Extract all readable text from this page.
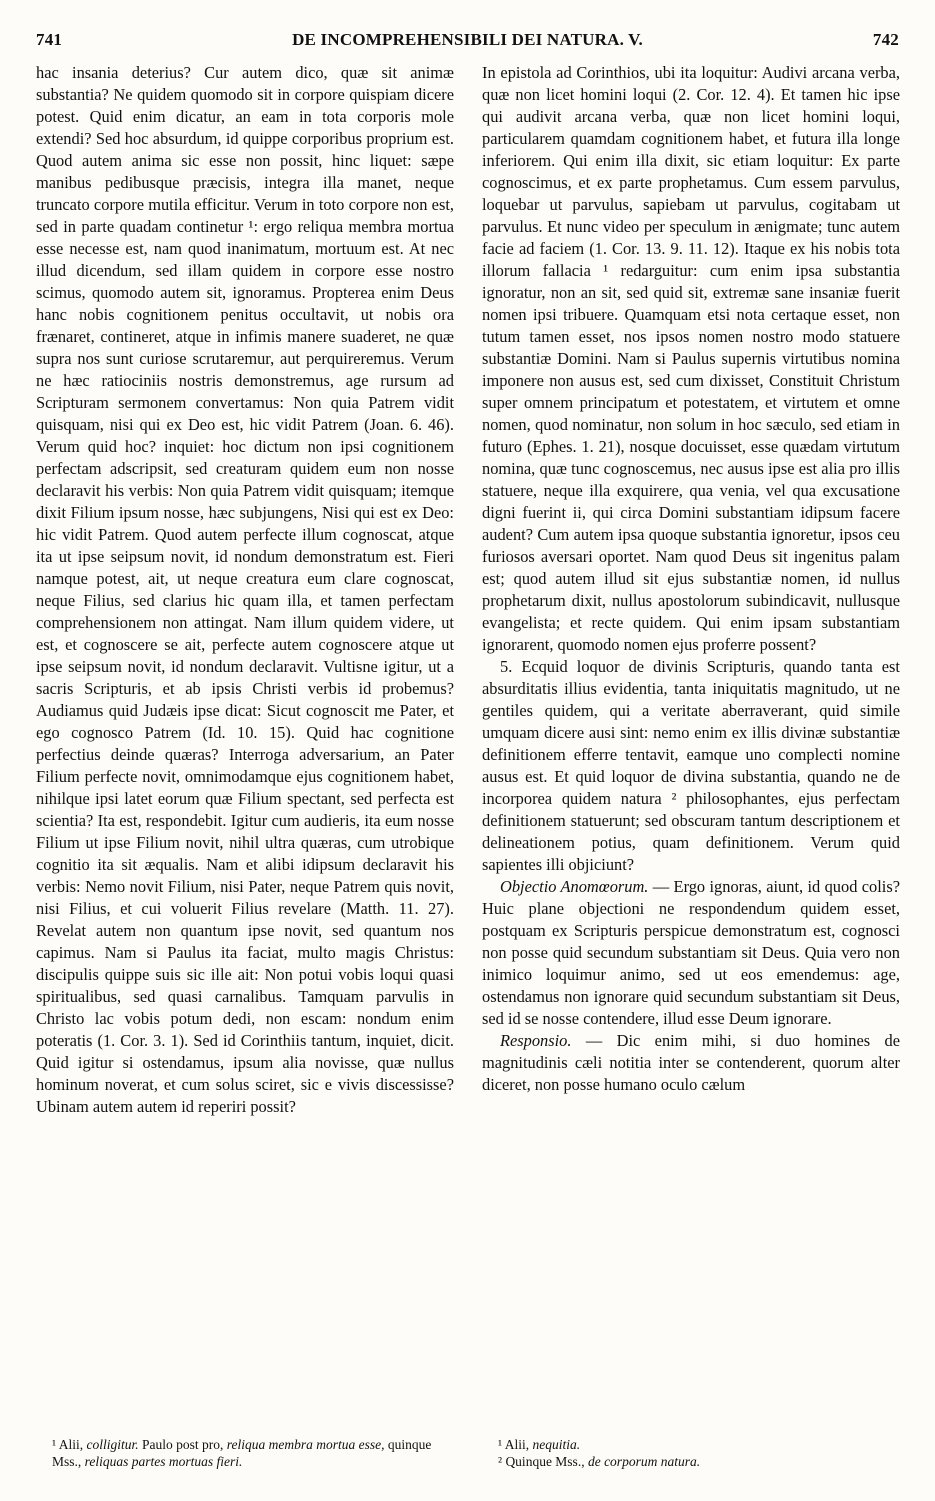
741	DE INCOMPREHENSIBILI DEI NATURA. V.	742

hac insania deterius? Cur autem dico, quæ sit animæ substantia? Ne quidem quomodo sit in corpore quispiam dicere potest. Quid enim dicatur, an eam in tota corporis mole extendi? Sed hoc absurdum, id quippe corporibus proprium est. Quod autem anima sic esse non possit, hinc liquet: sæpe manibus pedibusque præcisis, integra illa manet, neque truncato corpore mutila efficitur. Verum in toto corpore non est, sed in parte quadam continetur ¹: ergo reliqua membra mortua esse necesse est, nam quod inanimatum, mortuum est. At nec illud dicendum, sed illam quidem in corpore esse nostro scimus, quomodo autem sit, ignoramus. Propterea enim Deus hanc nobis cognitionem penitus occultavit, ut nobis ora frænaret, contineret, atque in infimis manere suaderet, ne quæ supra nos sunt curiose scrutaremur, aut perquireremus. Verum ne hæc ratiociniis nostris demonstremus, age rursum ad Scripturam sermonem convertamus: Non quia Patrem vidit quisquam, nisi qui ex Deo est, hic vidit Patrem (Joan. 6. 46). Verum quid hoc? inquiet: hoc dictum non ipsi cognitionem perfectam adscripsit, sed creaturam quidem eum non nosse declaravit his verbis: Non quia Patrem vidit quisquam; itemque dixit Filium ipsum nosse, hæc subjungens, Nisi qui est ex Deo: hic vidit Patrem. Quod autem perfecte illum cognoscat, atque ita ut ipse seipsum novit, id nondum demonstratum est. Fieri namque potest, ait, ut neque creatura eum clare cognoscat, neque Filius, sed clarius hic quam illa, et tamen perfectam comprehensionem non attingat. Nam illum quidem videre, ut est, et cognoscere se ait, perfecte autem cognoscere atque ut ipse seipsum novit, id nondum declaravit. Vultisne igitur, ut a sacris Scripturis, et ab ipsis Christi verbis id probemus? Audiamus quid Judæis ipse dicat: Sicut cognoscit me Pater, et ego cognosco Patrem (Id. 10. 15). Quid hac cognitione perfectius deinde quæras? Interroga adversarium, an Pater Filium perfecte novit, omnimodamque ejus cognitionem habet, nihilque ipsi latet eorum quæ Filium spectant, sed perfecta est scientia? Ita est, respondebit. Igitur cum audieris, ita eum nosse Filium ut ipse Filium novit, nihil ultra quæras, cum utrobique cognitio ita sit æqualis. Nam et alibi idipsum declaravit his verbis: Nemo novit Filium, nisi Pater, neque Patrem quis novit, nisi Filius, et cui voluerit Filius revelare (Matth. 11. 27). Revelat autem non quantum ipse novit, sed quantum nos capimus. Nam si Paulus ita faciat, multo magis Christus: discipulis quippe suis sic ille ait: Non potui vobis loqui quasi spiritualibus, sed quasi carnalibus. Tamquam parvulis in Christo lac vobis potum dedi, non escam: nondum enim poteratis (1. Cor. 3. 1). Sed id Corinthiis tantum, inquiet, dicit. Quid igitur si ostendamus, ipsum alia novisse, quæ nullus hominum noverat, et cum solus sciret, sic e vivis discessisse? Ubinam autem autem id reperiri possit?

In epistola ad Corinthios, ubi ita loquitur: Audivi arcana verba, quæ non licet homini loqui (2. Cor. 12. 4). Et tamen hic ipse qui audivit arcana verba, quæ non licet homini loqui, particularem quamdam cognitionem habet, et futura illa longe inferiorem. Qui enim illa dixit, sic etiam loquitur: Ex parte cognoscimus, et ex parte prophetamus. Cum essem parvulus, loquebar ut parvulus, sapiebam ut parvulus, cogitabam ut parvulus. Et nunc video per speculum in ænigmate; tunc autem facie ad faciem (1. Cor. 13. 9. 11. 12). Itaque ex his nobis tota illorum fallacia ¹ redarguitur: cum enim ipsa substantia ignoratur, non an sit, sed quid sit, extremæ sane insaniæ fuerit nomen ipsi tribuere. Quamquam etsi nota certaque esset, non tutum tamen esset, nos ipsos nomen nostro modo statuere substantiæ Domini. Nam si Paulus supernis virtutibus nomina imponere non ausus est, sed cum dixisset, Constituit Christum super omnem principatum et potestatem, et virtutem et omne nomen, quod nominatur, non solum in hoc sæculo, sed etiam in futuro (Ephes. 1. 21), nosque docuisset, esse quædam virtutum nomina, quæ tunc cognoscemus, nec ausus ipse est alia pro illis statuere, neque illa exquirere, qua venia, vel qua excusatione digni fuerint ii, qui circa Domini substantiam idipsum facere audent? Cum autem ipsa quoque substantia ignoretur, ipsos ceu furiosos aversari oportet. Nam quod Deus sit ingenitus palam est; quod autem illud sit ejus substantiæ nomen, id nullus prophetarum dixit, nullus apostolorum subindicavit, nullusque evangelista; et recte quidem. Qui enim ipsam substantiam ignorarent, quomodo nomen ejus proferre possent?

5. Ecquid loquor de divinis Scripturis, quando tanta est absurditatis illius evidentia, tanta iniquitatis magnitudo, ut ne gentiles quidem, qui a veritate aberraverant, quid simile umquam dicere ausi sint: nemo enim ex illis divinæ substantiæ definitionem efferre tentavit, eamque uno complecti nomine ausus est. Et quid loquor de divina substantia, quando ne de incorporea quidem natura ² philosophantes, ejus perfectam definitionem statuerunt; sed obscuram tantum descriptionem et delineationem potius, quam definitionem. Verum quid sapientes illi objiciunt?

Objectio Anomœorum. — Ergo ignoras, aiunt, id quod colis? Huic plane objectioni ne respondendum quidem esset, postquam ex Scripturis perspicue demonstratum est, cognosci non posse quid secundum substantiam sit Deus. Quia vero non inimico loquimur animo, sed ut eos emendemus: age, ostendamus non ignorare quid secundum substantiam sit Deus, sed id se nosse contendere, illud esse Deum ignorare.

Responsio. — Dic enim mihi, si duo homines de magnitudinis cæli notitia inter se contenderent, quorum alter diceret, non posse humano oculo cælum

¹ Alii, colligitur. Paulo post pro, reliqua membra mortua esse, quinque Mss., reliquas partes mortuas fieri.

¹ Alii, nequitia.

² Quinque Mss., de corporum natura.
